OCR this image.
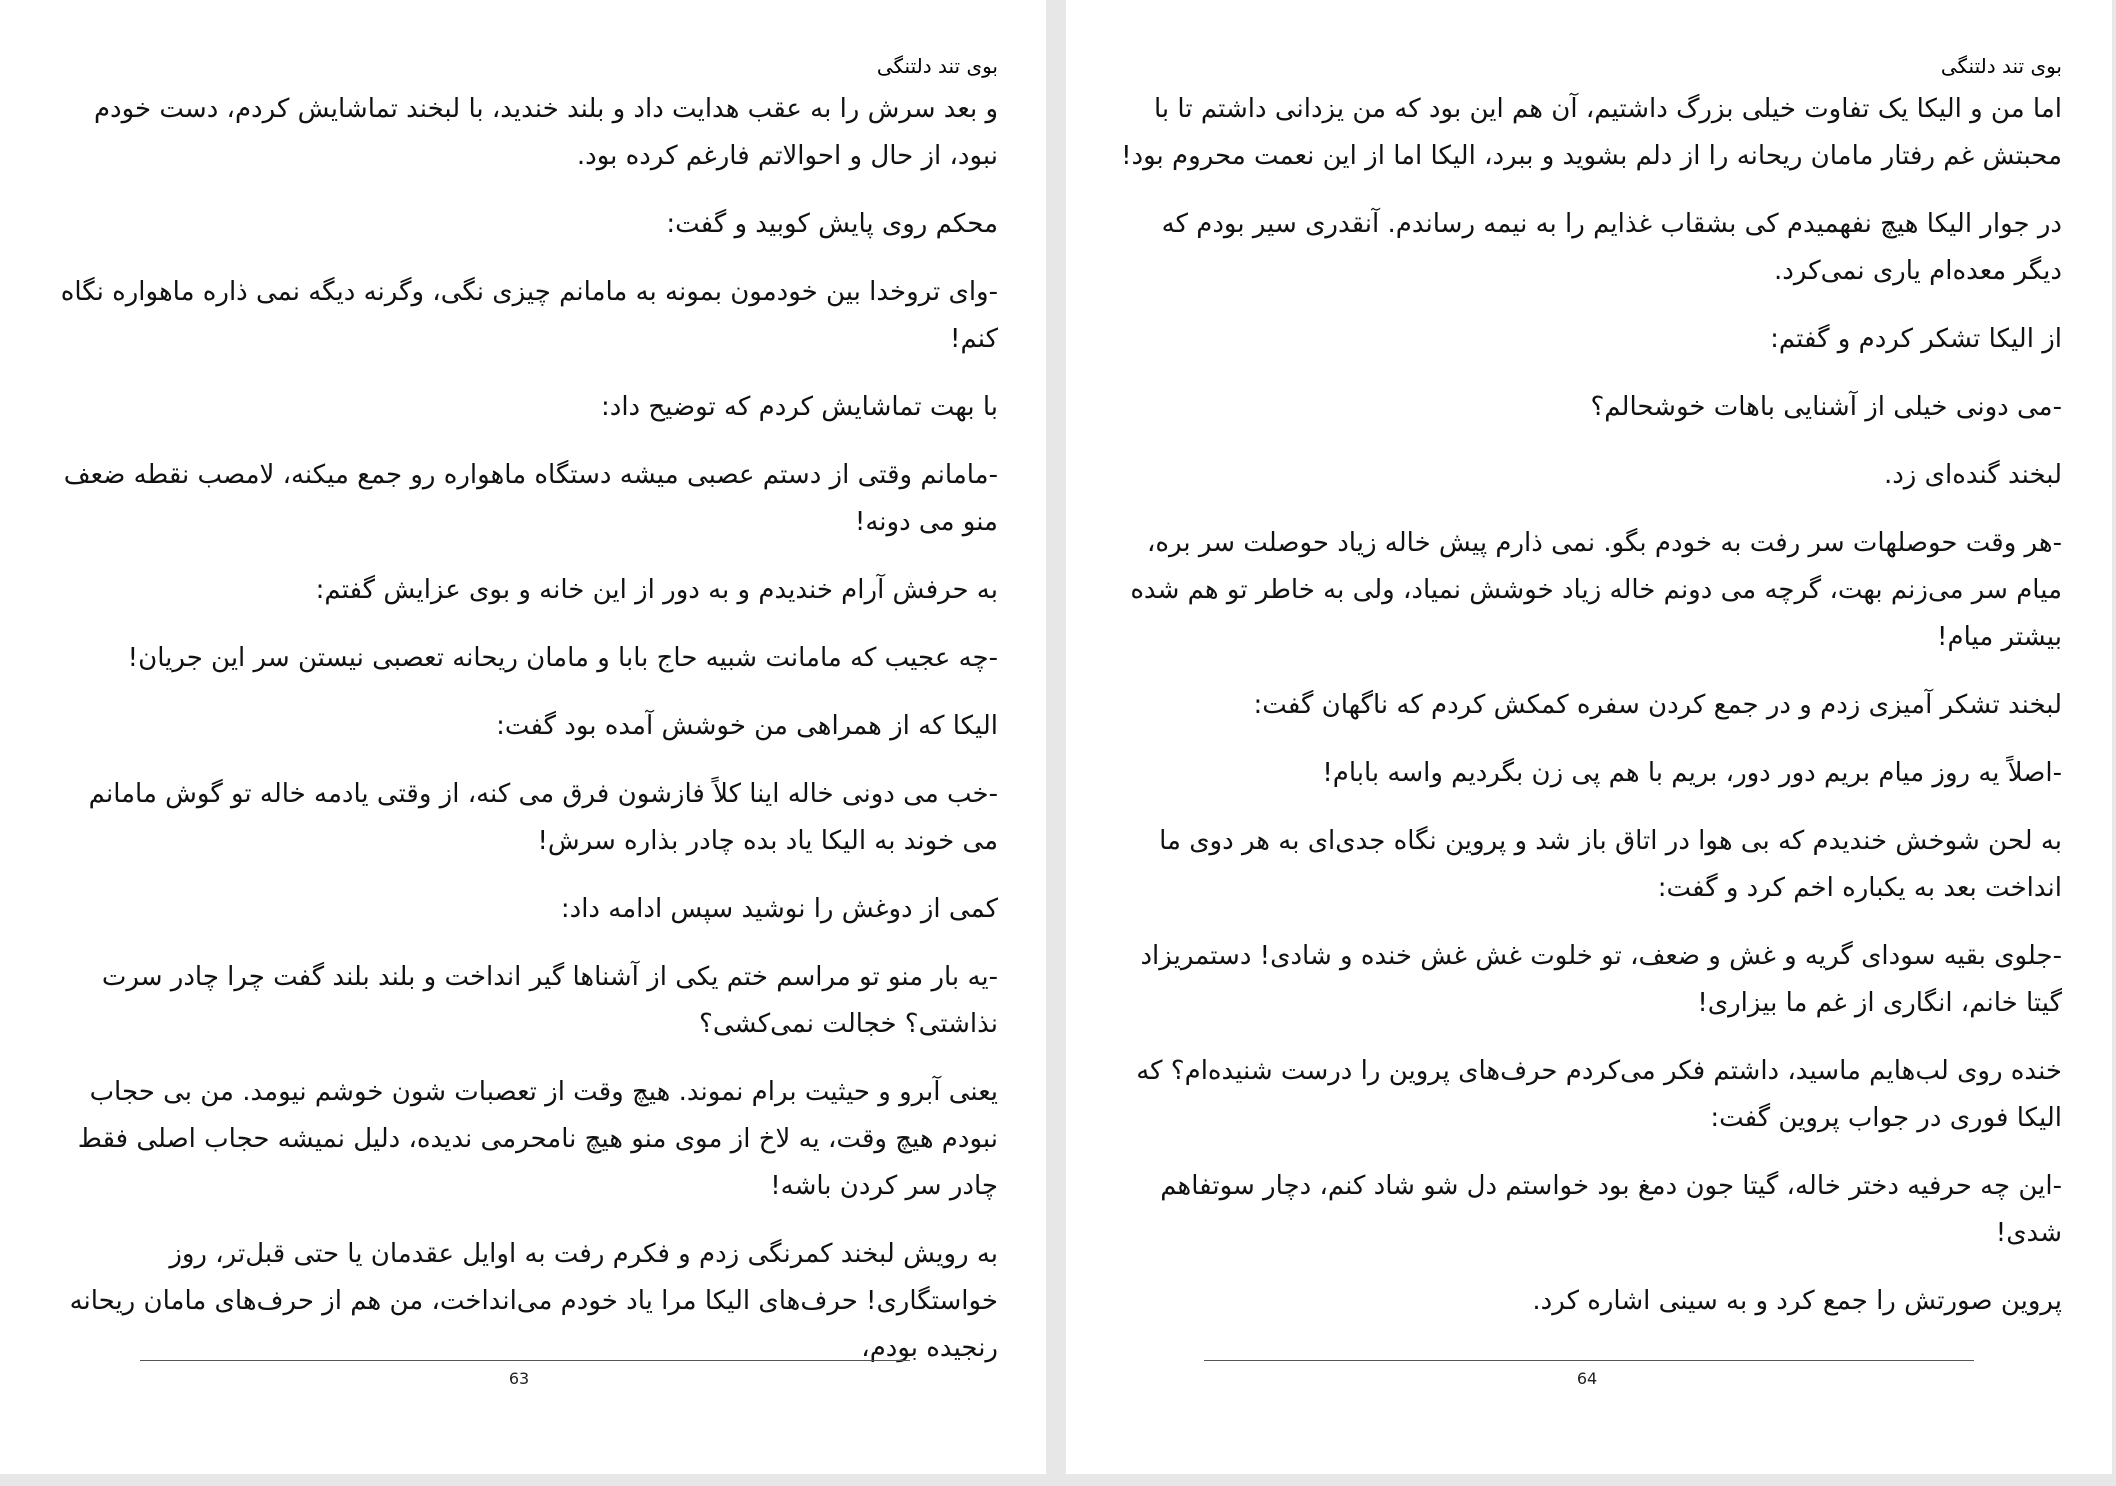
بوی تند دلتنگی

و بعد سرش را به عقب هدایت داد و بلند خندید، با لبخند تماشایش کردم، دست خودم نبود، از حال و احوالاتم فارغم کرده بود.

محکم روی پایش کوبید و گفت:

-وای تروخدا بین خودمون بمونه به مامانم چیزی نگی، وگرنه دیگه نمی ذاره ماهواره نگاه کنم!

با بهت تماشایش کردم که توضیح داد:

-مامانم وقتی از دستم عصبی میشه دستگاه ماهواره رو جمع میکنه، لامصب نقطه ضعف منو می دونه!

به حرفش آرام خندیدم و به دور از این خانه و بوی عزایش گفتم:

-چه عجیب که مامانت شبیه حاج بابا و مامان ریحانه تعصبی نیستن سر این جریان!

الیکا که از همراهی من خوشش آمده بود گفت:

-خب می دونی خاله اینا کلاً فازشون فرق می کنه، از وقتی یادمه خاله تو گوش مامانم می خوند به الیکا یاد بده چادر بذاره سرش!

کمی از دوغش را نوشید سپس ادامه داد:

-یه بار منو تو مراسم ختم یکی از آشناها گیر انداخت و بلند بلند گفت چرا چادر سرت نذاشتی؟ خجالت نمی‌کشی؟

یعنی آبرو و حیثیت برام نموند. هیچ وقت از تعصبات شون خوشم نیومد. من بی حجاب نبودم هیچ وقت، یه لاخ از موی منو هیچ نامحرمی ندیده، دلیل نمیشه حجاب اصلی فقط چادر سر کردن باشه!

به رویش لبخند کمرنگی زدم و فکرم رفت به اوایل عقدمان یا حتی قبل‌تر، روز خواستگاری! حرف‌های الیکا مرا یاد خودم می‌انداخت، من هم از حرف‌های مامان ریحانه رنجیده بودم،

63
بوی تند دلتنگی

اما من و الیکا یک تفاوت خیلی بزرگ داشتیم، آن هم این بود که من یزدانی داشتم تا با محبتش غم رفتار مامان ریحانه را از دلم بشوید و ببرد، الیکا اما از این نعمت محروم بود!

در جوار الیکا هیچ نفهمیدم کی بشقاب غذایم را به نیمه رساندم. آنقدری سیر بودم که دیگر معده‌ام یاری نمی‌کرد.

از الیکا تشکر کردم و گفتم:

-می دونی خیلی از آشنایی باهات خوشحالم؟

لبخند گنده‌ای زد.

-هر وقت حوصلهات سر رفت به خودم بگو. نمی ذارم پیش خاله زیاد حوصلت سر بره، میام سر می‌زنم بهت، گرچه می دونم خاله زیاد خوشش نمیاد، ولی به خاطر تو هم شده بیشتر میام!

لبخند تشکر آمیزی زدم و در جمع کردن سفره کمکش کردم که ناگهان گفت:

-اصلاً یه روز میام بریم دور دور، بریم با هم پی زن بگردیم واسه بابام!

به لحن شوخش خندیدم که بی هوا در اتاق باز شد و پروین نگاه جدی‌ای به هر دوی ما انداخت بعد به یکباره اخم کرد و گفت:

-جلوی بقیه سودای گریه و غش و ضعف، تو خلوت غش غش خنده و شادی! دستمریزاد گیتا خانم، انگاری از غم ما بیزاری!

خنده روی لب‌هایم ماسید، داشتم فکر می‌کردم حرف‌های پروین را درست شنیده‌ام؟ که الیکا فوری در جواب پروین گفت:

-این چه حرفیه دختر خاله، گیتا جون دمغ بود خواستم دل شو شاد کنم، دچار سوتفاهم شدی!

پروین صورتش را جمع کرد و به سینی اشاره کرد.

64
